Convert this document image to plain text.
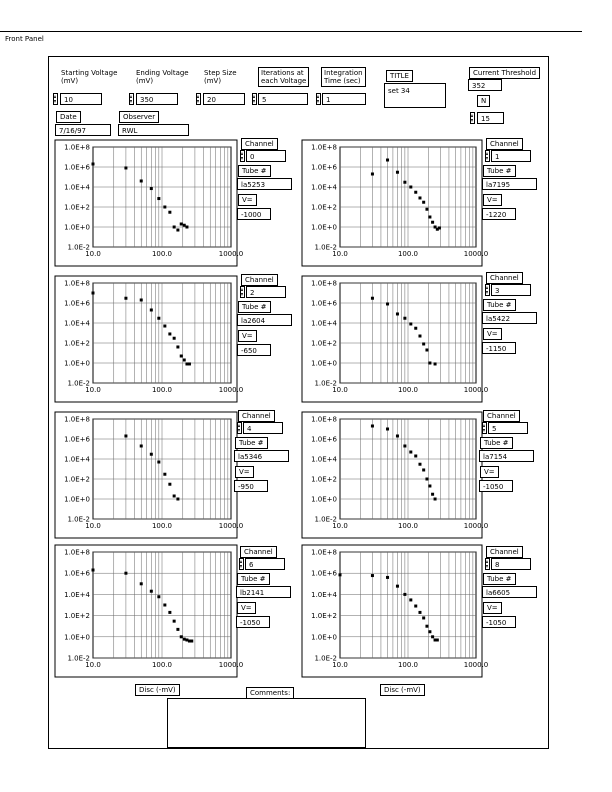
Front Panel
Starting Voltage
(mV)
10
Ending Voltage
(mV)
350
Step Size
(mV)
20
Iterations at
each Voltage
5
Integration
Time (sec)
1
TITLE
set 34
Current Threshold
352
N
15
Date
7/16/97
Observer
RWL
1.0E+8
1.0E+6
1.0E+4
1.0E+2
1.0E+0
1.0E-2
10.0	100.0	1000.0
1.0E+8
1.0E+6
1.0E+4
1.0E+2
1.0E+0
1.0E-2
10.0	100.0	1000.0
1.0E+8
1.0E+6
1.0E+4
1.0E+2
1.0E+0
1.0E-2
10.0	100.0	1000.0
1.0E+8
1.0E+6
1.0E+4
1.0E+2
1.0E+0
1.0E-2
10.0	100.0	1000.0
1.0E+8
1.0E+6
1.0E+4
1.0E+2
1.0E+0
1.0E-2
10.0	100.0	1000.0
1.0E+8
1.0E+6
1.0E+4
1.0E+2
1.0E+0
1.0E-2
10.0	100.0	1000.0
1.0E+8
1.0E+6
1.0E+4
1.0E+2
1.0E+0
1.0E-2
10.0	100.0	1000.0
1.0E+8
1.0E+6
1.0E+4
1.0E+2
1.0E+0
1.0E-2
10.0	100.0	1000.0
Channel
0
Tube #
la5253
V=
-1000
Channel
1
Tube #
la7195
V=
-1220
Channel
2
Tube #
la2604
V=
-650
Channel
3
Tube #
la5422
V=
-1150
Channel
4
Tube #
la5346
V=
-950
Channel
5
Tube #
la7154
V=
-1050
Channel
6
Tube #
lb2141
V=
-1050
Channel
8
Tube #
la6605
V=
-1050
Disc (-mV)	Disc (-mV)
Comments:
